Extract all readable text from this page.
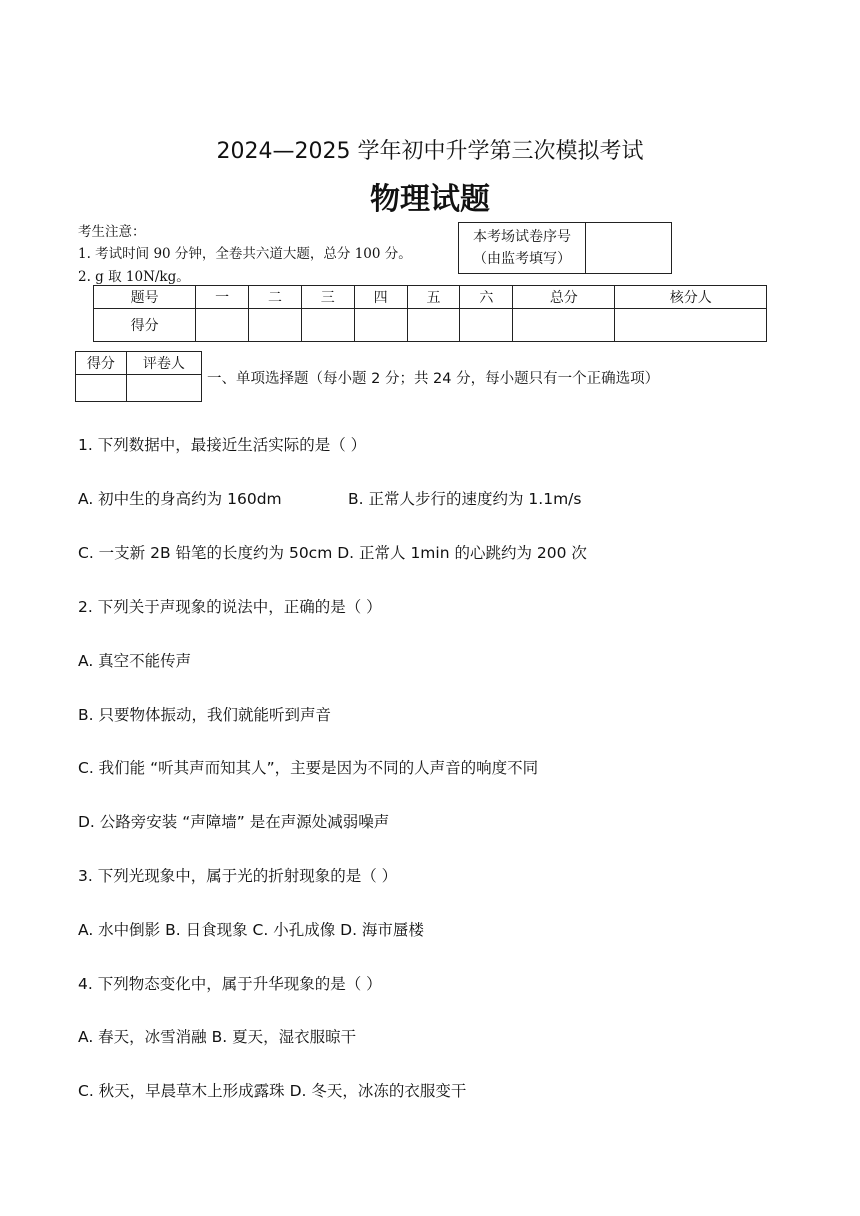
2024—2025 学年初中升学第三次模拟考试
物理试题
考生注意：
1. 考试时间 90 分钟，全卷共六道大题，总分 100 分。
2. g 取 10N/kg。
本考场试卷序号
（由监考填写）

题号	一	二	三	四	五	六	总分	核分人
得分								
得分	评卷人

一、单项选择题（每小题 2 分；共 24 分，每小题只有一个正确选项）
1. 下列数据中，最接近生活实际的是（ ）
A. 初中生的身高约为 160dm	B. 正常人步行的速度约为 1.1m/s
C. 一支新 2B 铅笔的长度约为 50cm D. 正常人 1min 的心跳约为 200 次
2. 下列关于声现象的说法中，正确的是（ ）
A. 真空不能传声
B. 只要物体振动，我们就能听到声音
C. 我们能 “听其声而知其人”，主要是因为不同的人声音的响度不同
D. 公路旁安装 “声障墙” 是在声源处减弱噪声
3. 下列光现象中，属于光的折射现象的是（ ）
A. 水中倒影 B. 日食现象 C. 小孔成像 D. 海市蜃楼
4. 下列物态变化中，属于升华现象的是（ ）
A. 春天，冰雪消融 B. 夏天，湿衣服晾干
C. 秋天，早晨草木上形成露珠 D. 冬天，冰冻的衣服变干
